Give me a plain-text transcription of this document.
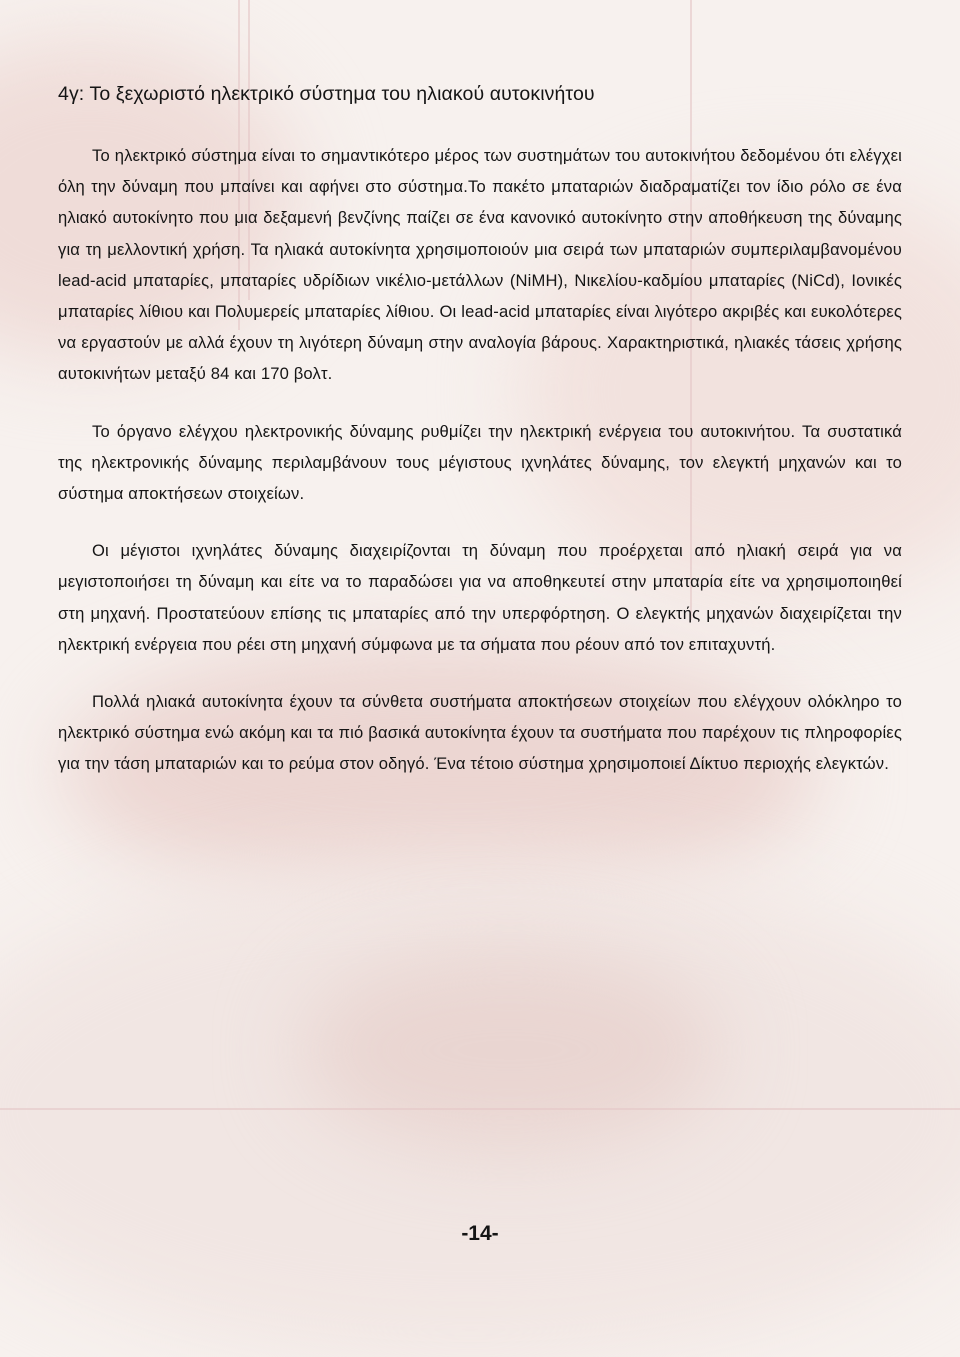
4γ: Το ξεχωριστό ηλεκτρικό σύστημα του ηλιακού αυτοκινήτου

Το ηλεκτρικό σύστημα είναι το σημαντικότερο μέρος των συστημάτων του αυτοκινήτου δεδομένου ότι ελέγχει όλη την δύναμη που μπαίνει και αφήνει στο σύστημα.Το πακέτο μπαταριών διαδραματίζει τον ίδιο ρόλο σε ένα ηλιακό αυτοκίνητο που μια δεξαμενή βενζίνης παίζει σε ένα κανονικό αυτοκίνητο στην αποθήκευση της δύναμης για τη μελλοντική χρήση. Τα ηλιακά αυτοκίνητα χρησιμοποιούν μια σειρά των μπαταριών συμπεριλαμβανομένου lead-acid μπαταρίες, μπαταρίες υδρίδιων νικέλιο-μετάλλων (NiMH), Νικελίου-καδμίου μπαταρίες (NiCd), Ιονικές μπαταρίες λίθιου και Πολυμερείς μπαταρίες λίθιου. Οι lead-acid μπαταρίες είναι λιγότερο ακριβές και ευκολότερες να εργαστούν με αλλά έχουν τη λιγότερη δύναμη στην αναλογία βάρους. Χαρακτηριστικά, ηλιακές τάσεις χρήσης αυτοκινήτων μεταξύ 84 και 170 βολτ.

Το όργανο ελέγχου ηλεκτρονικής δύναμης ρυθμίζει την ηλεκτρική ενέργεια του αυτοκινήτου. Τα συστατικά της ηλεκτρονικής δύναμης περιλαμβάνουν τους μέγιστους ιχνηλάτες δύναμης, τον ελεγκτή μηχανών και το σύστημα αποκτήσεων στοιχείων.

Οι μέγιστοι ιχνηλάτες δύναμης διαχειρίζονται τη δύναμη που προέρχεται από ηλιακή σειρά για να μεγιστοποιήσει τη δύναμη και είτε να το παραδώσει για να αποθηκευτεί στην μπαταρία είτε να χρησιμοποιηθεί στη μηχανή. Προστατεύουν επίσης τις μπαταρίες από την υπερφόρτηση. Ο ελεγκτής μηχανών διαχειρίζεται την ηλεκτρική ενέργεια που ρέει στη μηχανή σύμφωνα με τα σήματα που ρέουν από τον επιταχυντή.

Πολλά ηλιακά αυτοκίνητα έχουν τα σύνθετα συστήματα αποκτήσεων στοιχείων που ελέγχουν ολόκληρο το ηλεκτρικό σύστημα ενώ ακόμη και τα πιό βασικά αυτοκίνητα έχουν τα συστήματα που παρέχουν τις πληροφορίες για την τάση μπαταριών και το ρεύμα στον οδηγό. Ένα τέτοιο σύστημα χρησιμοποιεί Δίκτυο περιοχής ελεγκτών.

-14-
